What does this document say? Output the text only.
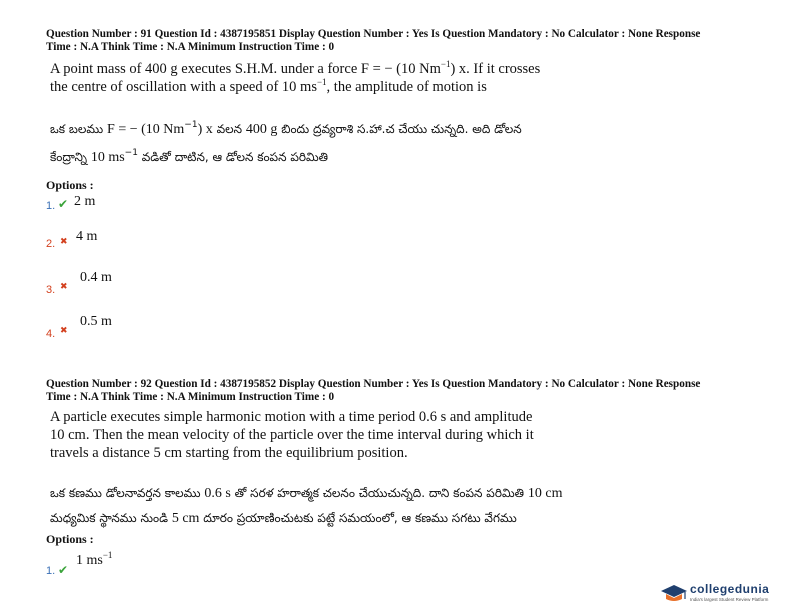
Question Number : 91 Question Id : 4387195851 Display Question Number : Yes Is Question Mandatory : No Calculator : None Response
Time : N.A Think Time : N.A Minimum Instruction Time : 0
A point mass of 400 g executes S.H.M. under a force F = − (10 $Nm^{-1}$) x. If it crosses
the centre of oscillation with a speed of 10 $ms^{-1}$, the amplitude of motion is
ఒక బలము F = − (10 $Nm^{-1}$) x వలన 400 g బిందు ద్రవ్యరాశి స.హా.చ చేయు చున్నది. అది డోలన
కేంద్రాన్ని 10 $ms^{-1}$ వడితో దాటిన, ఆ డోలన కంపన పరిమితి
Options :
1. ✔ 2 m
2. ✖ 4 m
3. ✖
0.4 m
4. ✖
0.5 m
Question Number : 92 Question Id : 4387195852 Display Question Number : Yes Is Question Mandatory : No Calculator : None Response
Time : N.A Think Time : N.A Minimum Instruction Time : 0
A particle executes simple harmonic motion with a time period 0.6 s and amplitude
10 cm. Then the mean velocity of the particle over the time interval during which it
travels a distance 5 cm starting from the equilibrium position.
ఒక కణము డోలనావర్తన కాలము 0.6 s తో సరళ హరాత్మక చలనం చేయుచున్నది. దాని కంపన పరిమితి 10 cm
మధ్యమిక స్థానము నుండి 5 cm దూరం ప్రయాణించుటకు పట్టే సమయంలో, ఆ కణము సగటు వేగము
Options :
1. ✔
1 $ms^{-1}$
collegedunia
India's largest Student Review Platform
